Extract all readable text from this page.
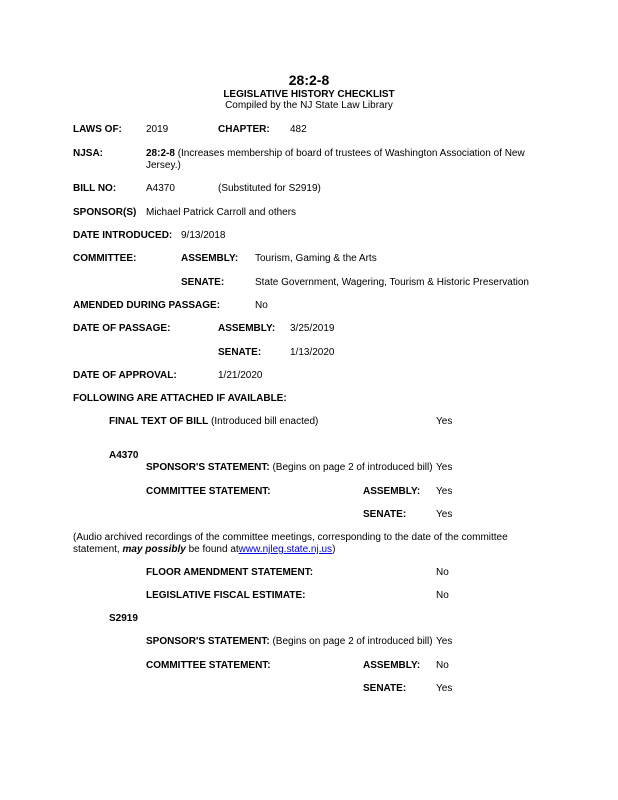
28:2-8
LEGISLATIVE HISTORY CHECKLIST
Compiled by the NJ State Law Library
LAWS OF: 2019	CHAPTER: 482
NJSA:	28:2-8 (Increases membership of board of trustees of Washington Association of New
Jersey.)
BILL NO:	A4370	(Substituted for S2919)
SPONSOR(S) Michael Patrick Carroll and others
DATE INTRODUCED: 9/13/2018
COMMITTEE:	ASSEMBLY: Tourism, Gaming & the Arts
SENATE:	State Government, Wagering, Tourism & Historic Preservation
AMENDED DURING PASSAGE:	No
DATE OF PASSAGE:	ASSEMBLY: 3/25/2019
SENATE:	1/13/2020
DATE OF APPROVAL:	1/21/2020
FOLLOWING ARE ATTACHED IF AVAILABLE:
FINAL TEXT OF BILL (Introduced bill enacted)	Yes
A4370
SPONSOR'S STATEMENT: (Begins on page 2 of introduced bill) Yes
COMMITTEE STATEMENT:	ASSEMBLY: Yes
SENATE:	Yes
(Audio archived recordings of the committee meetings, corresponding to the date of the committee
statement, may possibly be found atwww.njleg.state.nj.us)
FLOOR AMENDMENT STATEMENT:	No
LEGISLATIVE FISCAL ESTIMATE:	No
S2919
SPONSOR'S STATEMENT: (Begins on page 2 of introduced bill) Yes
COMMITTEE STATEMENT:	ASSEMBLY: No
SENATE:	Yes
